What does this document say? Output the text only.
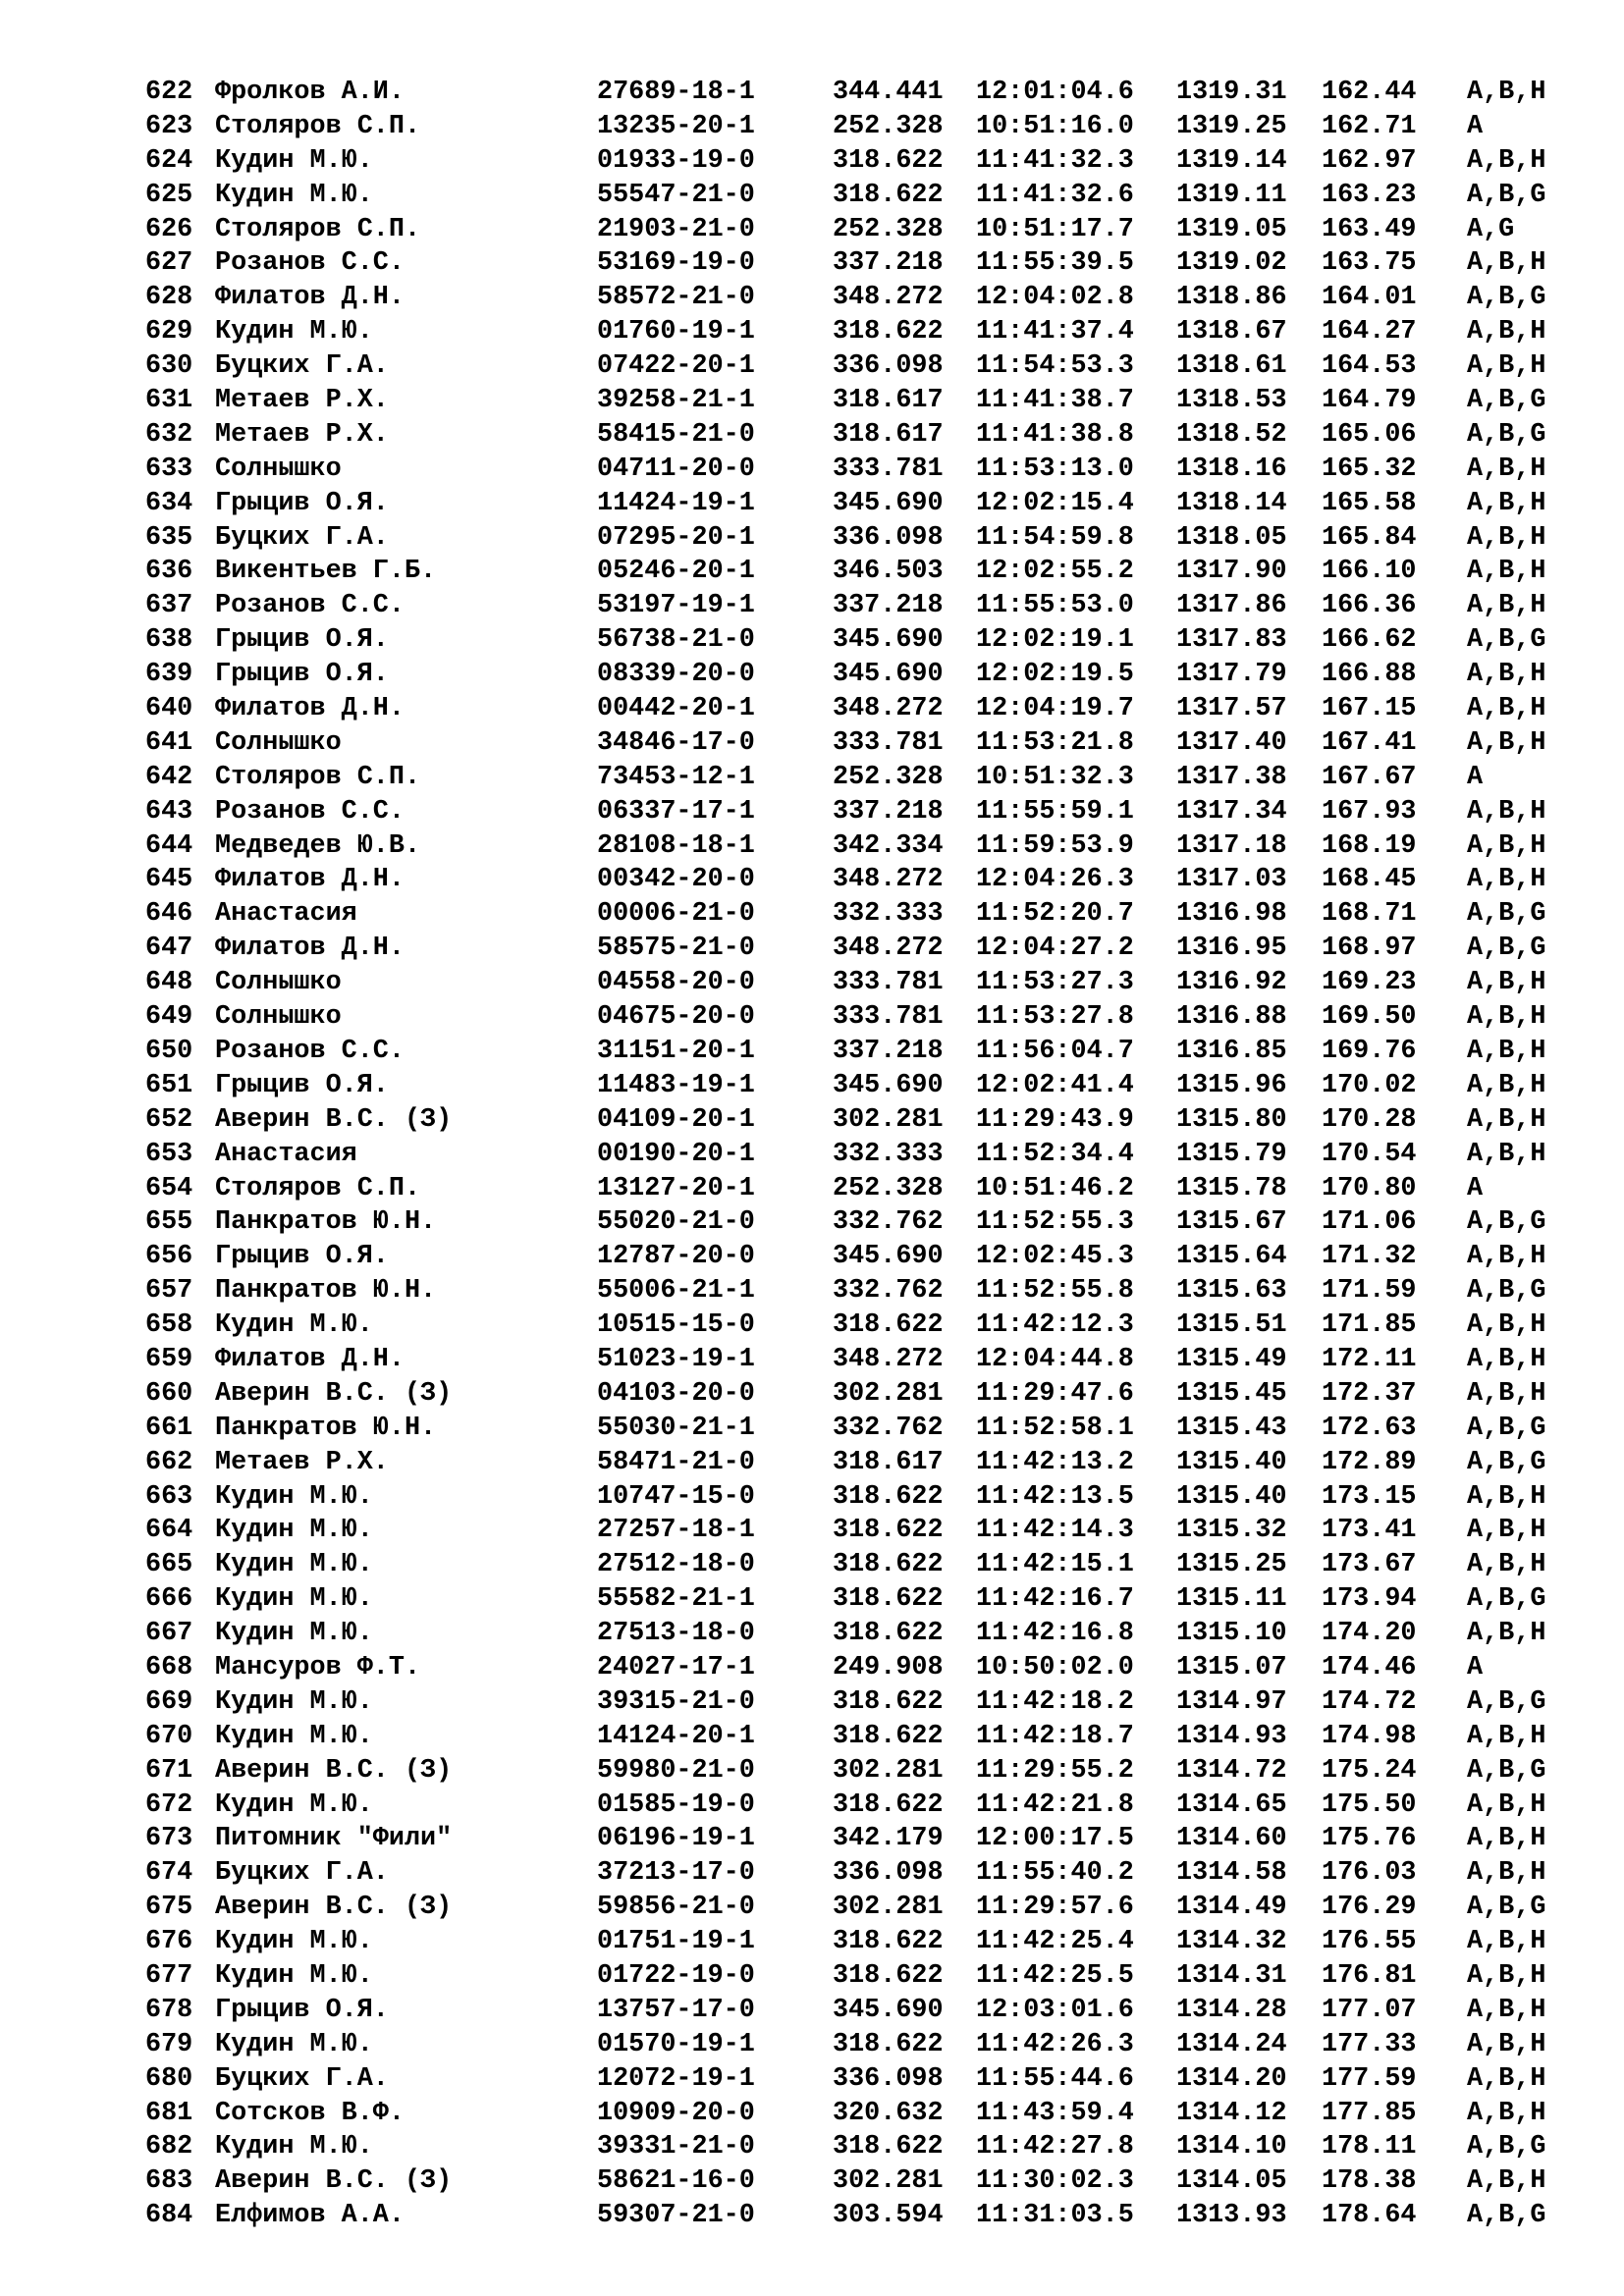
622 Фролков А.И.	27689-18-1	344.441 12:01:04.6 1319.31 162.44 A,B,H
623 Столяров С.П.	13235-20-1	252.328 10:51:16.0 1319.25 162.71 A
624 Кудин М.Ю.	01933-19-0	318.622 11:41:32.3 1319.14 162.97 A,B,H
625 Кудин М.Ю.	55547-21-0	318.622 11:41:32.6 1319.11 163.23 A,B,G
626 Столяров С.П.	21903-21-0	252.328 10:51:17.7 1319.05 163.49 A,G
627 Розанов С.С.	53169-19-0	337.218 11:55:39.5 1319.02 163.75 A,B,H
628 Филатов Д.Н.	58572-21-0	348.272 12:04:02.8 1318.86 164.01 A,B,G
629 Кудин М.Ю.	01760-19-1	318.622 11:41:37.4 1318.67 164.27 A,B,H
630 Буцких Г.А.	07422-20-1	336.098 11:54:53.3 1318.61 164.53 A,B,H
631 Метаев Р.Х.	39258-21-1	318.617 11:41:38.7 1318.53 164.79 A,B,G
632 Метаев Р.Х.	58415-21-0	318.617 11:41:38.8 1318.52 165.06 A,B,G
633 Солнышко	04711-20-0	333.781 11:53:13.0 1318.16 165.32 A,B,H
634 Грыцив О.Я.	11424-19-1	345.690 12:02:15.4 1318.14 165.58 A,B,H
635 Буцких Г.А.	07295-20-1	336.098 11:54:59.8 1318.05 165.84 A,B,H
636 Викентьев Г.Б.	05246-20-1	346.503 12:02:55.2 1317.90 166.10 A,B,H
637 Розанов С.С.	53197-19-1	337.218 11:55:53.0 1317.86 166.36 A,B,H
638 Грыцив О.Я.	56738-21-0	345.690 12:02:19.1 1317.83 166.62 A,B,G
639 Грыцив О.Я.	08339-20-0	345.690 12:02:19.5 1317.79 166.88 A,B,H
640 Филатов Д.Н.	00442-20-1	348.272 12:04:19.7 1317.57 167.15 A,B,H
641 Солнышко	34846-17-0	333.781 11:53:21.8 1317.40 167.41 A,B,H
642 Столяров С.П.	73453-12-1	252.328 10:51:32.3 1317.38 167.67 A
643 Розанов С.С.	06337-17-1	337.218 11:55:59.1 1317.34 167.93 A,B,H
644 Медведев Ю.В.	28108-18-1	342.334 11:59:53.9 1317.18 168.19 A,B,H
645 Филатов Д.Н.	00342-20-0	348.272 12:04:26.3 1317.03 168.45 A,B,H
646 Анастасия	00006-21-0	332.333 11:52:20.7 1316.98 168.71 A,B,G
647 Филатов Д.Н.	58575-21-0	348.272 12:04:27.2 1316.95 168.97 A,B,G
648 Солнышко	04558-20-0	333.781 11:53:27.3 1316.92 169.23 A,B,H
649 Солнышко	04675-20-0	333.781 11:53:27.8 1316.88 169.50 A,B,H
650 Розанов С.С.	31151-20-1	337.218 11:56:04.7 1316.85 169.76 A,B,H
651 Грыцив О.Я.	11483-19-1	345.690 12:02:41.4 1315.96 170.02 A,B,H
652 Аверин В.С. (З)	04109-20-1	302.281 11:29:43.9 1315.80 170.28 A,B,H
653 Анастасия	00190-20-1	332.333 11:52:34.4 1315.79 170.54 A,B,H
654 Столяров С.П.	13127-20-1	252.328 10:51:46.2 1315.78 170.80 A
655 Панкратов Ю.Н.	55020-21-0	332.762 11:52:55.3 1315.67 171.06 A,B,G
656 Грыцив О.Я.	12787-20-0	345.690 12:02:45.3 1315.64 171.32 A,B,H
657 Панкратов Ю.Н.	55006-21-1	332.762 11:52:55.8 1315.63 171.59 A,B,G
658 Кудин М.Ю.	10515-15-0	318.622 11:42:12.3 1315.51 171.85 A,B,H
659 Филатов Д.Н.	51023-19-1	348.272 12:04:44.8 1315.49 172.11 A,B,H
660 Аверин В.С. (З)	04103-20-0	302.281 11:29:47.6 1315.45 172.37 A,B,H
661 Панкратов Ю.Н.	55030-21-1	332.762 11:52:58.1 1315.43 172.63 A,B,G
662 Метаев Р.Х.	58471-21-0	318.617 11:42:13.2 1315.40 172.89 A,B,G
663 Кудин М.Ю.	10747-15-0	318.622 11:42:13.5 1315.40 173.15 A,B,H
664 Кудин М.Ю.	27257-18-1	318.622 11:42:14.3 1315.32 173.41 A,B,H
665 Кудин М.Ю.	27512-18-0	318.622 11:42:15.1 1315.25 173.67 A,B,H
666 Кудин М.Ю.	55582-21-1	318.622 11:42:16.7 1315.11 173.94 A,B,G
667 Кудин М.Ю.	27513-18-0	318.622 11:42:16.8 1315.10 174.20 A,B,H
668 Мансуров Ф.Т.	24027-17-1	249.908 10:50:02.0 1315.07 174.46 A
669 Кудин М.Ю.	39315-21-0	318.622 11:42:18.2 1314.97 174.72 A,B,G
670 Кудин М.Ю.	14124-20-1	318.622 11:42:18.7 1314.93 174.98 A,B,H
671 Аверин В.С. (З)	59980-21-0	302.281 11:29:55.2 1314.72 175.24 A,B,G
672 Кудин М.Ю.	01585-19-0	318.622 11:42:21.8 1314.65 175.50 A,B,H
673 Питомник "Фили"	06196-19-1	342.179 12:00:17.5 1314.60 175.76 A,B,H
674 Буцких Г.А.	37213-17-0	336.098 11:55:40.2 1314.58 176.03 A,B,H
675 Аверин В.С. (З)	59856-21-0	302.281 11:29:57.6 1314.49 176.29 A,B,G
676 Кудин М.Ю.	01751-19-1	318.622 11:42:25.4 1314.32 176.55 A,B,H
677 Кудин М.Ю.	01722-19-0	318.622 11:42:25.5 1314.31 176.81 A,B,H
678 Грыцив О.Я.	13757-17-0	345.690 12:03:01.6 1314.28 177.07 A,B,H
679 Кудин М.Ю.	01570-19-1	318.622 11:42:26.3 1314.24 177.33 A,B,H
680 Буцких Г.А.	12072-19-1	336.098 11:55:44.6 1314.20 177.59 A,B,H
681 Сотсков В.Ф.	10909-20-0	320.632 11:43:59.4 1314.12 177.85 A,B,H
682 Кудин М.Ю.	39331-21-0	318.622 11:42:27.8 1314.10 178.11 A,B,G
683 Аверин В.С. (З)	58621-16-0	302.281 11:30:02.3 1314.05 178.38 A,B,H
684 Елфимов А.А.	59307-21-0	303.594 11:31:03.5 1313.93 178.64 A,B,G
